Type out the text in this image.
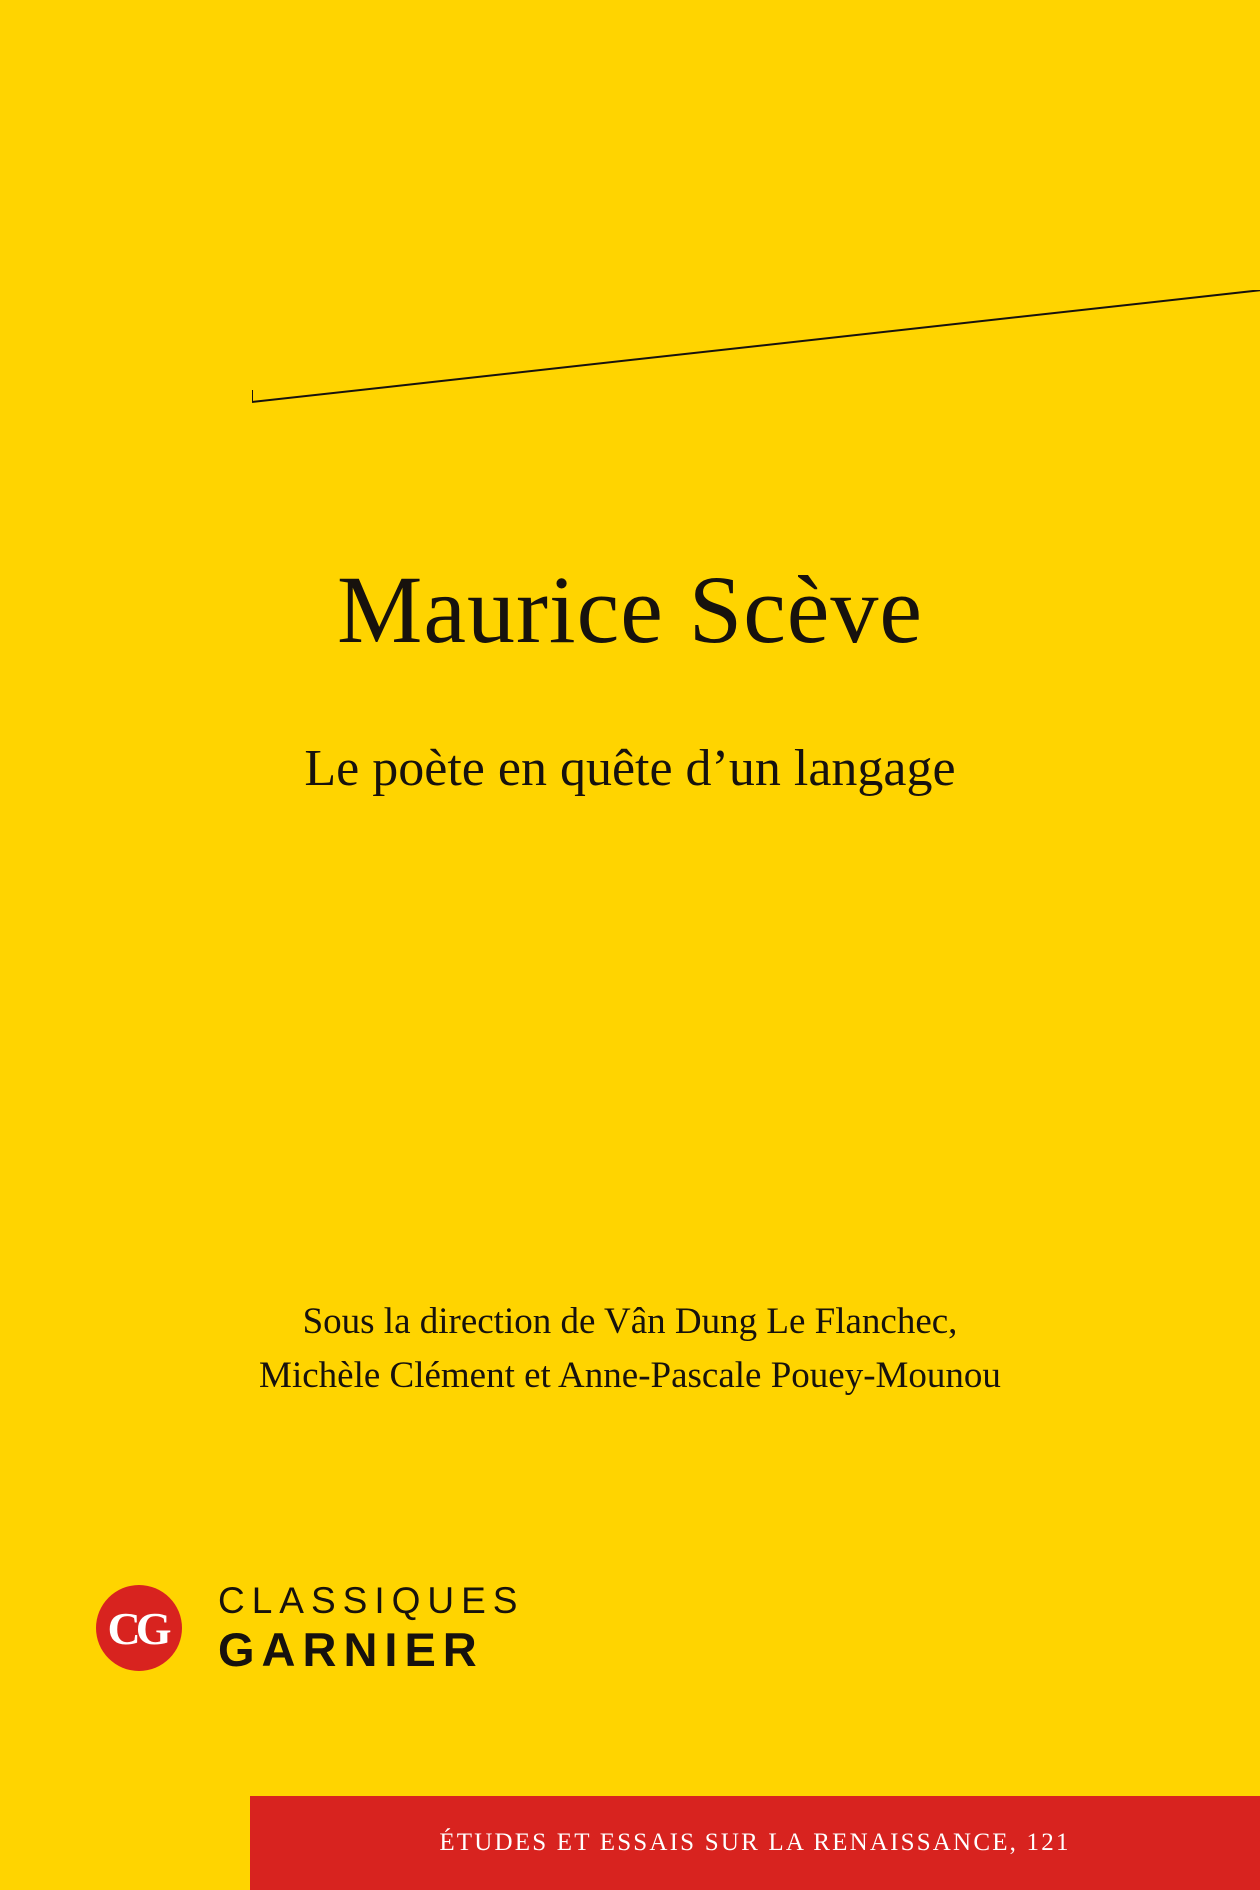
Maurice Scève

Le poète en quête d’un langage

Sous la direction de Vân Dung Le Flanchec,
Michèle Clément et Anne-Pascale Pouey-Mounou
CG
CLASSIQUES
GARNIER
ÉTUDES ET ESSAIS SUR LA RENAISSANCE, 121
